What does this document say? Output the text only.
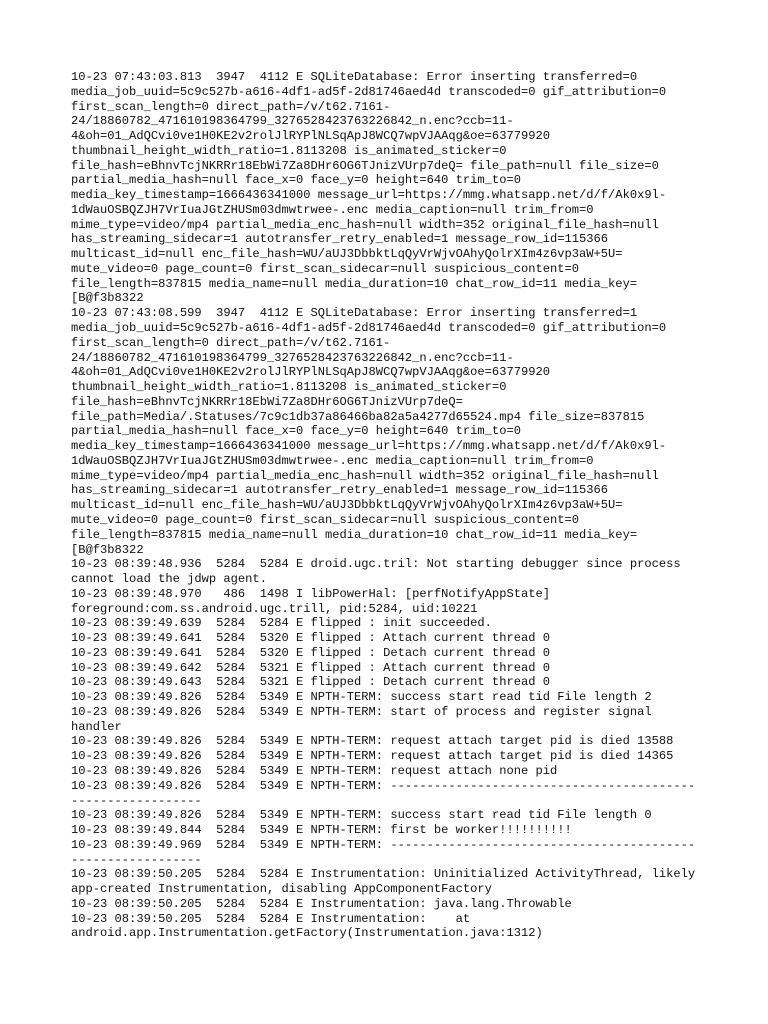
10-23 07:43:03.813  3947  4112 E SQLiteDatabase: Error inserting transferred=0 media_job_uuid=5c9c527b-a616-4df1-ad5f-2d81746aed4d transcoded=0 gif_attribution=0 first_scan_length=0 direct_path=/v/t62.7161-24/18860782_471610198364799_3276528423763226842_n.enc?ccb=11-4&oh=01_AdQCvi0ve1H0KE2v2rolJlRYPlNLSqApJ8WCQ7wpVJAAqg&oe=63779920 thumbnail_height_width_ratio=1.8113208 is_animated_sticker=0 file_hash=eBhnvTcjNKRRr18EbWi7Za8DHr6OG6TJnizVUrp7deQ= file_path=null file_size=0 partial_media_hash=null face_x=0 face_y=0 height=640 trim_to=0 media_key_timestamp=1666436341000 message_url=https://mmg.whatsapp.net/d/f/Ak0x9l-1dWauOSBQZJH7VrIuaJGtZHUSm03dmwtrwee-.enc media_caption=null trim_from=0 mime_type=video/mp4 partial_media_enc_hash=null width=352 original_file_hash=null has_streaming_sidecar=1 autotransfer_retry_enabled=1 message_row_id=115366 multicast_id=null enc_file_hash=WU/aUJ3DbbktLqQyVrWjvOAhyQolrXIm4z6vp3aW+5U= mute_video=0 page_count=0 first_scan_sidecar=null suspicious_content=0 file_length=837815 media_name=null media_duration=10 chat_row_id=11 media_key=[B@f3b8322
10-23 07:43:08.599  3947  4112 E SQLiteDatabase: Error inserting transferred=1 media_job_uuid=5c9c527b-a616-4df1-ad5f-2d81746aed4d transcoded=0 gif_attribution=0 first_scan_length=0 direct_path=/v/t62.7161-24/18860782_471610198364799_3276528423763226842_n.enc?ccb=11-4&oh=01_AdQCvi0ve1H0KE2v2rolJlRYPlNLSqApJ8WCQ7wpVJAAqg&oe=63779920 thumbnail_height_width_ratio=1.8113208 is_animated_sticker=0 file_hash=eBhnvTcjNKRRr18EbWi7Za8DHr6OG6TJnizVUrp7deQ= file_path=Media/.Statuses/7c9c1db37a86466ba82a5a4277d65524.mp4 file_size=837815 partial_media_hash=null face_x=0 face_y=0 height=640 trim_to=0 media_key_timestamp=1666436341000 message_url=https://mmg.whatsapp.net/d/f/Ak0x9l-1dWauOSBQZJH7VrIuaJGtZHUSm03dmwtrwee-.enc media_caption=null trim_from=0 mime_type=video/mp4 partial_media_enc_hash=null width=352 original_file_hash=null has_streaming_sidecar=1 autotransfer_retry_enabled=1 message_row_id=115366 multicast_id=null enc_file_hash=WU/aUJ3DbbktLqQyVrWjvOAhyQolrXIm4z6vp3aW+5U= mute_video=0 page_count=0 first_scan_sidecar=null suspicious_content=0 file_length=837815 media_name=null media_duration=10 chat_row_id=11 media_key=[B@f3b8322
10-23 08:39:48.936  5284  5284 E droid.ugc.tril: Not starting debugger since process cannot load the jdwp agent.
10-23 08:39:48.970   486  1498 I libPowerHal: [perfNotifyAppState] foreground:com.ss.android.ugc.trill, pid:5284, uid:10221
10-23 08:39:49.639  5284  5284 E flipped : init succeeded.
10-23 08:39:49.641  5284  5320 E flipped : Attach current thread 0
10-23 08:39:49.641  5284  5320 E flipped : Detach current thread 0
10-23 08:39:49.642  5284  5321 E flipped : Attach current thread 0
10-23 08:39:49.643  5284  5321 E flipped : Detach current thread 0
10-23 08:39:49.826  5284  5349 E NPTH-TERM: success start read tid File length 2
10-23 08:39:49.826  5284  5349 E NPTH-TERM: start of process and register signal handler
10-23 08:39:49.826  5284  5349 E NPTH-TERM: request attach target pid is died 13588
10-23 08:39:49.826  5284  5349 E NPTH-TERM: request attach target pid is died 14365
10-23 08:39:49.826  5284  5349 E NPTH-TERM: request attach none pid
10-23 08:39:49.826  5284  5349 E NPTH-TERM: ------------------------------------------------------------
10-23 08:39:49.826  5284  5349 E NPTH-TERM: success start read tid File length 0
10-23 08:39:49.844  5284  5349 E NPTH-TERM: first be worker!!!!!!!!!!
10-23 08:39:49.969  5284  5349 E NPTH-TERM: ------------------------------------------------------------
10-23 08:39:50.205  5284  5284 E Instrumentation: Uninitialized ActivityThread, likely app-created Instrumentation, disabling AppComponentFactory
10-23 08:39:50.205  5284  5284 E Instrumentation: java.lang.Throwable
10-23 08:39:50.205  5284  5284 E Instrumentation:    at android.app.Instrumentation.getFactory(Instrumentation.java:1312)
